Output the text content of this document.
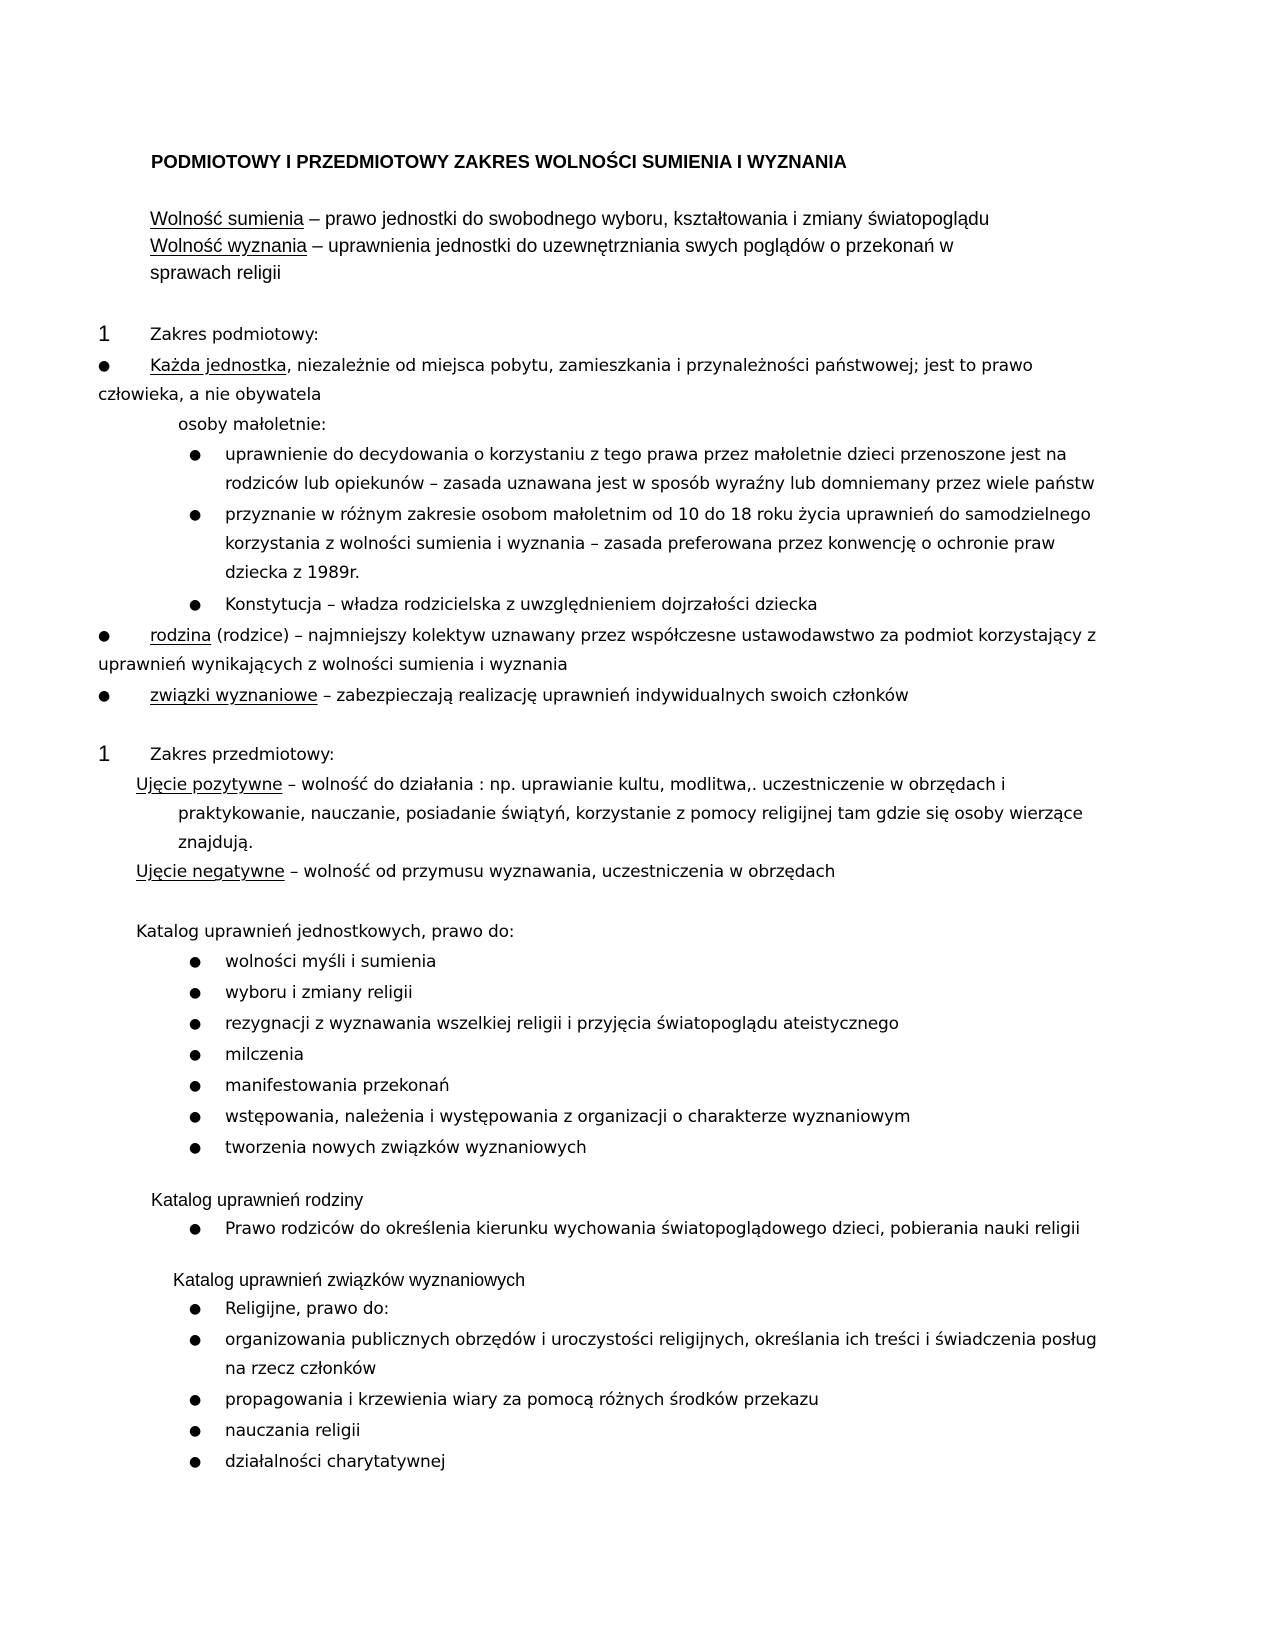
PODMIOTOWY I PRZEDMIOTOWY ZAKRES WOLNOŚCI SUMIENIA I WYZNANIA
Wolność sumienia – prawo jednostki do swobodnego wyboru, kształtowania i zmiany światopoglądu
Wolność wyznania – uprawnienia jednostki do uzewnętrzniania swych poglądów o przekonań w
sprawach religii
1 Zakres podmiotowy:
● Każda jednostka, niezależnie od miejsca pobytu, zamieszkania i przynależności państwowej; jest to prawo
człowieka, a nie obywatela
osoby małoletnie:
● uprawnienie do decydowania o korzystaniu z tego prawa przez małoletnie dzieci przenoszone jest na
rodziców lub opiekunów – zasada uznawana jest w sposób wyraźny lub domniemany przez wiele państw
● przyznanie w różnym zakresie osobom małoletnim od 10 do 18 roku życia uprawnień do samodzielnego
korzystania z wolności sumienia i wyznania – zasada preferowana przez konwencję o ochronie praw
dziecka z 1989r.
● Konstytucja – władza rodzicielska z uwzględnieniem dojrzałości dziecka
● rodzina (rodzice) – najmniejszy kolektyw uznawany przez współczesne ustawodawstwo za podmiot korzystający z
uprawnień wynikających z wolności sumienia i wyznania
● związki wyznaniowe – zabezpieczają realizację uprawnień indywidualnych swoich członków
1 Zakres przedmiotowy:
Ujęcie pozytywne – wolność do działania : np. uprawianie kultu, modlitwa,. uczestniczenie w obrzędach i
praktykowanie, nauczanie, posiadanie świątyń, korzystanie z pomocy religijnej tam gdzie się osoby wierzące
znajdują.
Ujęcie negatywne – wolność od przymusu wyznawania, uczestniczenia w obrzędach
Katalog uprawnień jednostkowych, prawo do:
● wolności myśli i sumienia
● wyboru i zmiany religii
● rezygnacji z wyznawania wszelkiej religii i przyjęcia światopoglądu ateistycznego
● milczenia
● manifestowania przekonań
● wstępowania, należenia i występowania z organizacji o charakterze wyznaniowym
● tworzenia nowych związków wyznaniowych
Katalog uprawnień rodziny
● Prawo rodziców do określenia kierunku wychowania światopoglądowego dzieci, pobierania nauki religii
Katalog uprawnień związków wyznaniowych
● Religijne, prawo do:
● organizowania publicznych obrzędów i uroczystości religijnych, określania ich treści i świadczenia posług
na rzecz członków
● propagowania i krzewienia wiary za pomocą różnych środków przekazu
● nauczania religii
● działalności charytatywnej
